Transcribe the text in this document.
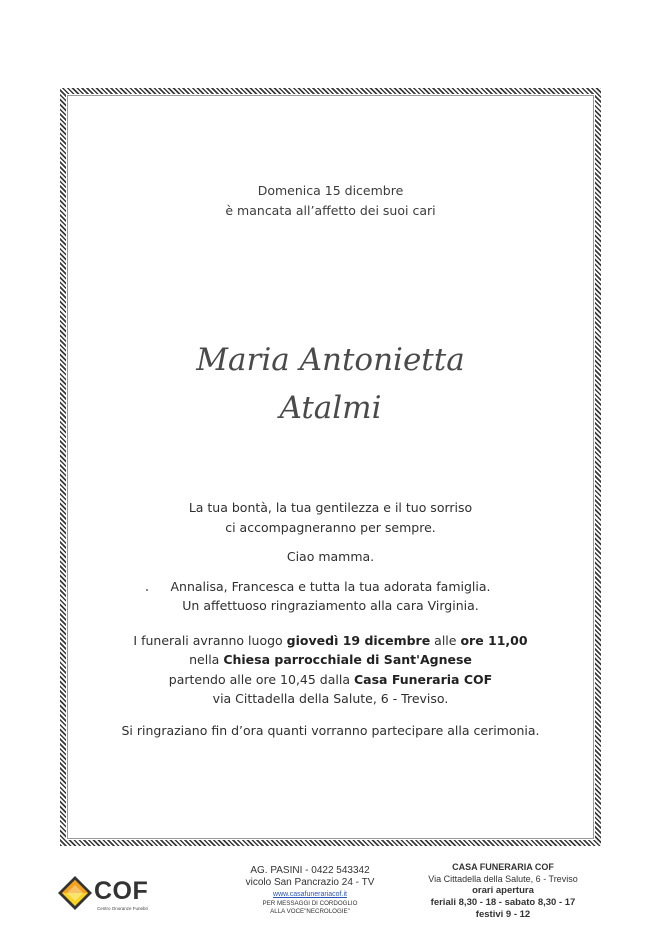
Domenica 15 dicembre
è mancata all’affetto dei suoi cari
Maria Antonietta
Atalmi

La tua bontà, la tua gentilezza e il tuo sorriso

ci accompagneranno per sempre.

Ciao mamma.

Annalisa, Francesca e tutta la tua adorata famiglia.

Un affettuoso ringraziamento alla cara Virginia.

I funerali avranno luogo giovedì 19 dicembre alle ore 11,00

nella Chiesa parrocchiale di Sant'Agnese

partendo alle ore 10,45 dalla Casa Funeraria COF

via Cittadella della Salute, 6 - Treviso.

Si ringraziano fin d’ora quanti vorranno partecipare alla cerimonia.

COF
Centro Onoranze Funebri
AG. PASINI - 0422 543342
vicolo San Pancrazio 24 - TV
www.casafunerariacof.it
PER MESSAGGI DI CORDOGLIO
ALLA VOCE"NECROLOGIE"
CASA FUNERARIA COF
Via Cittadella della Salute, 6 - Treviso
orari apertura
feriali 8,30 - 18 - sabato 8,30 - 17
festivi 9 - 12
